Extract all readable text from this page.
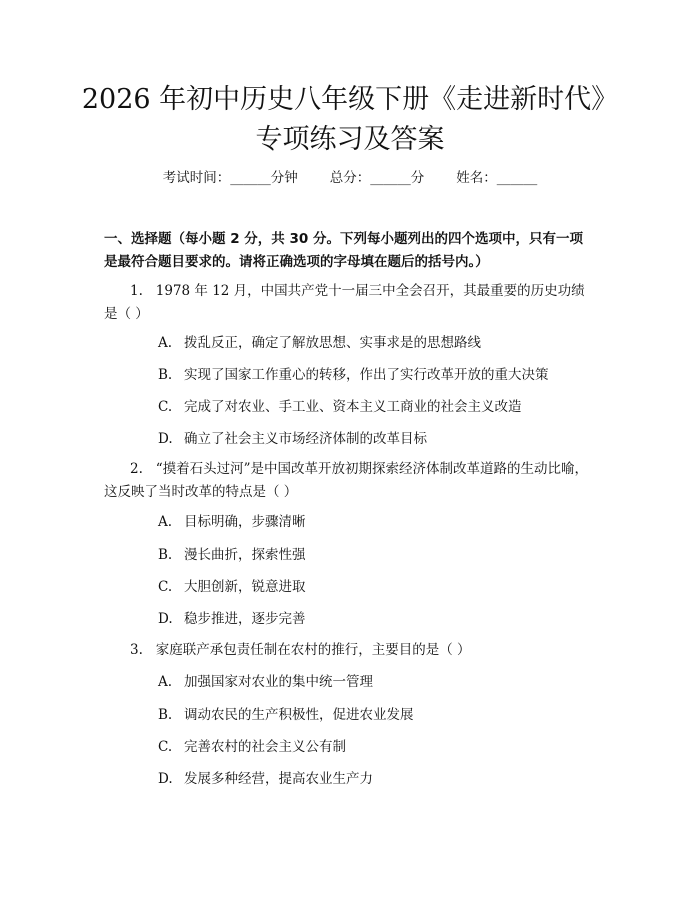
2026 年初中历史八年级下册《走进新时代》
专项练习及答案
考试时间：______分钟 总分：______分 姓名：______
一、选择题（每小题 2 分，共 30 分。下列每小题列出的四个选项中，只有一项是最符合题目要求的。请将正确选项的字母填在题后的括号内。）
1.   1978 年 12 月，中国共产党十一届三中全会召开，其最重要的历史功绩是（ ）
A. 拨乱反正，确定了解放思想、实事求是的思想路线
B. 实现了国家工作重心的转移，作出了实行改革开放的重大决策
C. 完成了对农业、手工业、资本主义工商业的社会主义改造
D. 确立了社会主义市场经济体制的改革目标
2.   “摸着石头过河”是中国改革开放初期探索经济体制改革道路的生动比喻，这反映了当时改革的特点是（ ）
A. 目标明确，步骤清晰
B. 漫长曲折，探索性强
C. 大胆创新，锐意进取
D. 稳步推进，逐步完善
3.   家庭联产承包责任制在农村的推行，主要目的是（ ）
A. 加强国家对农业的集中统一管理
B. 调动农民的生产积极性，促进农业发展
C. 完善农村的社会主义公有制
D. 发展多种经营，提高农业生产力
